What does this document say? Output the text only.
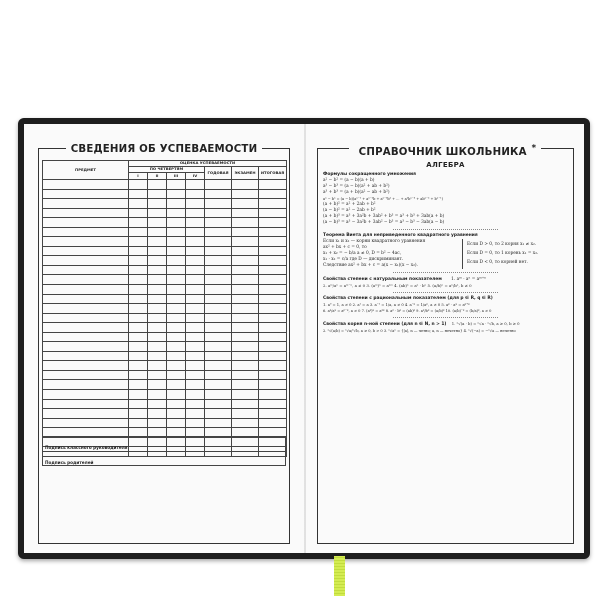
СВЕДЕНИЯ ОБ УСПЕВАЕМОСТИ
ПРЕДМЕТ	ОЦЕНКА УСПЕВАЕМОСТИ						
	ПО ЧЕТВЕРТЯМ				ГОДОВАЯ	ЭКЗАМЕН	ИТОГОВАЯ
	I	II	III	IV			

Подпись классного руководителя
Подпись родителей
СПРАВОЧНИК ШКОЛЬНИКА *
АЛГЕБРА
Формулы сокращенного умножения
a² − b² = (a − b)(a + b)
a³ − b³ = (a − b)(a² + ab + b²)
a³ + b³ = (a + b)(a² − ab + b²)
aⁿ − bⁿ = (a − b)(aⁿ⁻¹ + aⁿ⁻²b + aⁿ⁻³b² + ... + a²bⁿ⁻³ + abⁿ⁻² + bⁿ⁻¹)
(a + b)² = a² + 2ab + b²
(a − b)² = a² − 2ab + b²
(a + b)³ = a³ + 3a²b + 3ab² + b³ = a³ + b³ + 3ab(a + b)
(a − b)³ = a³ − 3a²b + 3ab² − b³ = a³ − b³ − 3ab(a − b)
Теорема Виета для неприведенного квадратного уравнения
Если x₁ и x₂ — корни квадратного уравнения
ax² + bx + c = 0, то
x₁ + x₂ = − b/a a ≠ 0, D = b² − 4ac,
x₁ · x₂ = c/a где D — дискриминант.
Следствие ax² + bx + c = a(x − x₁)(x − x₂).
Если D > 0, то 2 корня x₁ ≠ x₂.
Если D = 0, то 1 корень x₁ = x₂.
Если D < 0, то корней нет.
Свойства степени с натуральным показателем 1. aᵐ · aⁿ = aᵐ⁺ⁿ
2. aᵐ/aⁿ = aᵐ⁻ⁿ, a ≠ 0 3. (aᵐ)ⁿ = aᵐⁿ 4. (ab)ⁿ = aⁿ · bⁿ 5. (a/b)ⁿ = aⁿ/bⁿ, b ≠ 0
Свойства степени с рациональным показателем (для p ∈ R, q ∈ R)
1. a⁰ = 1, a ≠ 0 2. a¹ = a 3. a⁻¹ = 1/a, a ≠ 0 4. a⁻ᵖ = 1/aᵖ, a ≠ 0 5. aᵖ · aᵠ = aᵖ⁺ᵠ
6. aᵖ/aᵠ = aᵖ⁻ᵠ, a ≠ 0 7. (aᵖ)ᵠ = aᵖᵠ 8. aᵖ · bᵖ = (ab)ᵖ 9. aᵖ/bᵖ = (a/b)ᵖ 10. (a/b)⁻ᵖ = (b/a)ᵖ, a ≠ 0
Свойства корня n-ной степени (для n ∈ N, n > 1) 1. ⁿ√(a · b) = ⁿ√a · ⁿ√b, a ≥ 0, b ≥ 0
2. ⁿ√(a/b) = ⁿ√a/ⁿ√b, a ≥ 0, b > 0 3. ⁿ√aⁿ = {|a|, n — четно; a, n — нечетно} 4. ⁿ√(−a) = −ⁿ√a — нечетно
